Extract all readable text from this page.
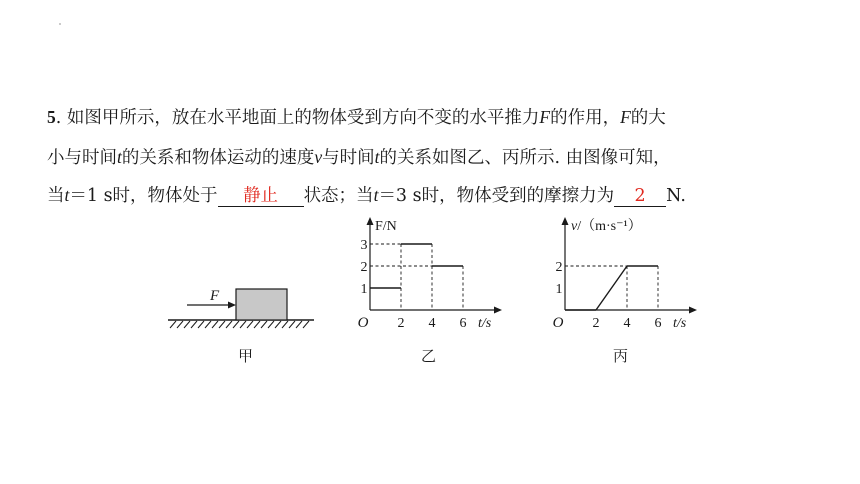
5. 如图甲所示，放在水平地面上的物体受到方向不变的水平推力F的作用，F的大
小与时间t的关系和物体运动的速度v与时间t的关系如图乙、丙所示. 由图像可知，
当t＝1 s时，物体处于 静止 状态；当t＝3 s时，物体受到的摩擦力为 2 N.
F
F/N
t/s
O 2 4 6
1
2
3
v/（m·s⁻¹）
t/s
O 2 4 6
1
2
甲	乙	丙
